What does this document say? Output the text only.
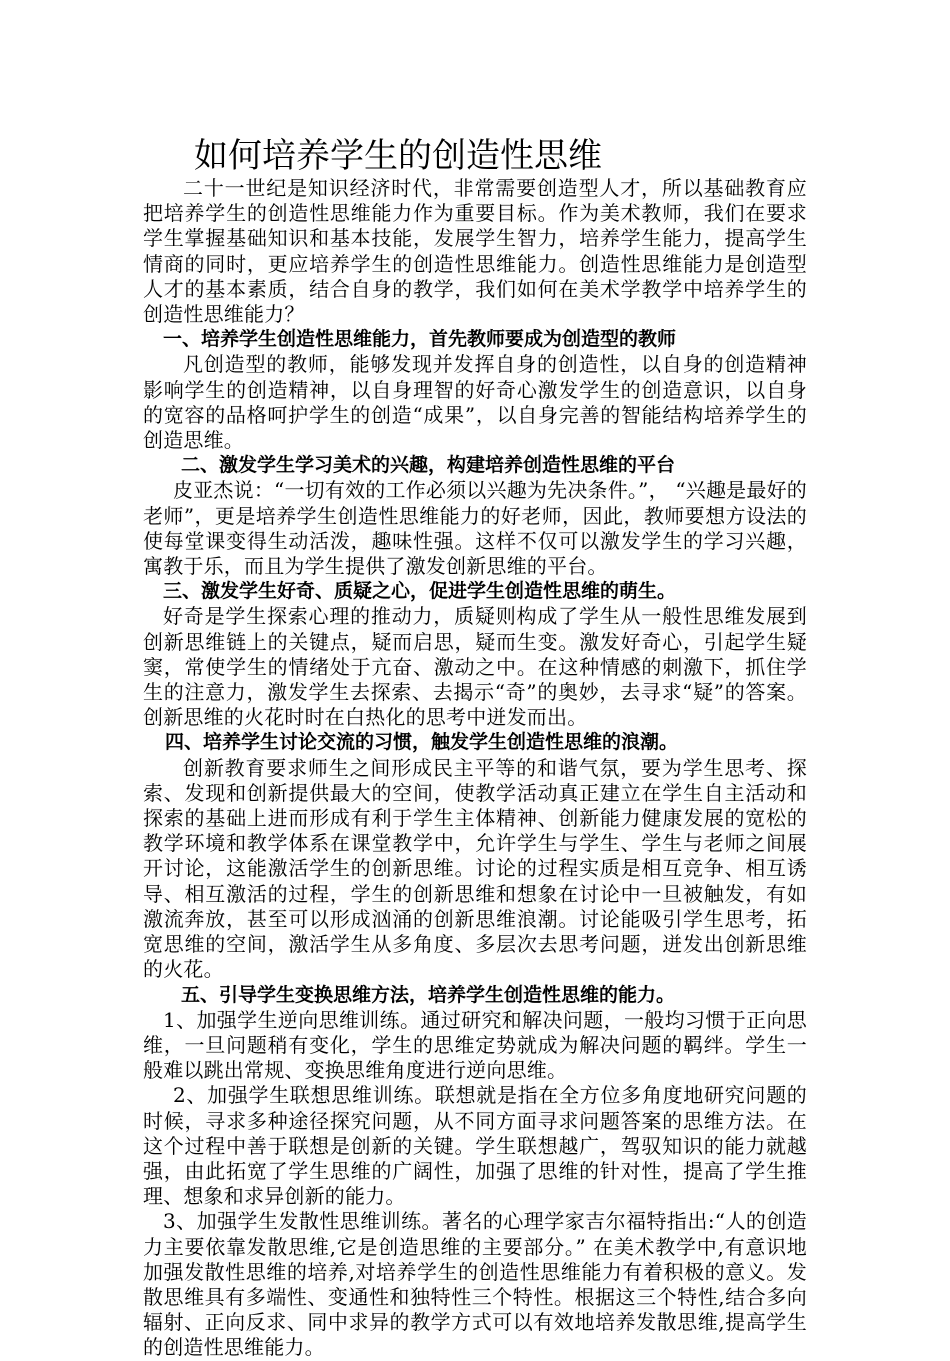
如何培养学生的创造性思维

二十一世纪是知识经济时代，非常需要创造型人才，所以基础教育应把培养学生的创造性思维能力作为重要目标。作为美术教师，我们在要求学生掌握基础知识和基本技能，发展学生智力，培养学生能力，提高学生情商的同时，更应培养学生的创造性思维能力。创造性思维能力是创造型人才的基本素质，结合自身的教学，我们如何在美术学教学中培养学生的创造性思维能力？

一、培养学生创造性思维能力，首先教师要成为创造型的教师

凡创造型的教师，能够发现并发挥自身的创造性，以自身的创造精神影响学生的创造精神，以自身理智的好奇心激发学生的创造意识，以自身的宽容的品格呵护学生的创造“成果”，以自身完善的智能结构培养学生的创造思维。

二、激发学生学习美术的兴趣，构建培养创造性思维的平台

皮亚杰说：“一切有效的工作必须以兴趣为先决条件。”， “兴趣是最好的老师”，更是培养学生创造性思维能力的好老师，因此，教师要想方设法的使每堂课变得生动活泼，趣味性强。这样不仅可以激发学生的学习兴趣，寓教于乐，而且为学生提供了激发创新思维的平台。

三、激发学生好奇、质疑之心，促进学生创造性思维的萌生。

好奇是学生探索心理的推动力，质疑则构成了学生从一般性思维发展到创新思维链上的关键点，疑而启思，疑而生变。激发好奇心，引起学生疑窦，常使学生的情绪处于亢奋、激动之中。在这种情感的刺激下，抓住学生的注意力，激发学生去探索、去揭示“奇”的奥妙，去寻求“疑”的答案。创新思维的火花时时在白热化的思考中迸发而出。

四、培养学生讨论交流的习惯，触发学生创造性思维的浪潮。

创新教育要求师生之间形成民主平等的和谐气氛，要为学生思考、探索、发现和创新提供最大的空间，使教学活动真正建立在学生自主活动和探索的基础上进而形成有利于学生主体精神、创新能力健康发展的宽松的教学环境和教学体系在课堂教学中，允许学生与学生、学生与老师之间展开讨论，这能激活学生的创新思维。讨论的过程实质是相互竞争、相互诱导、相互激活的过程，学生的创新思维和想象在讨论中一旦被触发，有如激流奔放，甚至可以形成汹涌的创新思维浪潮。讨论能吸引学生思考，拓宽思维的空间，激活学生从多角度、多层次去思考问题，迸发出创新思维的火花。

五、引导学生变换思维方法，培养学生创造性思维的能力。

1、加强学生逆向思维训练。通过研究和解决问题，一般均习惯于正向思维，一旦问题稍有变化，学生的思维定势就成为解决问题的羁绊。学生一般难以跳出常规、变换思维角度进行逆向思维。

2、加强学生联想思维训练。联想就是指在全方位多角度地研究问题的时候，寻求多种途径探究问题，从不同方面寻求问题答案的思维方法。在这个过程中善于联想是创新的关键。学生联想越广，驾驭知识的能力就越强，由此拓宽了学生思维的广阔性，加强了思维的针对性，提高了学生推理、想象和求异创新的能力。

3、加强学生发散性思维训练。著名的心理学家吉尔福特指出:“人的创造力主要依靠发散思维,它是创造思维的主要部分。” 在美术教学中,有意识地加强发散性思维的培养,对培养学生的创造性思维能力有着积极的意义。发散思维具有多端性、变通性和独特性三个特性。根据这三个特性,结合多向辐射、正向反求、同中求异的教学方式可以有效地培养发散思维,提高学生的创造性思维能力。
